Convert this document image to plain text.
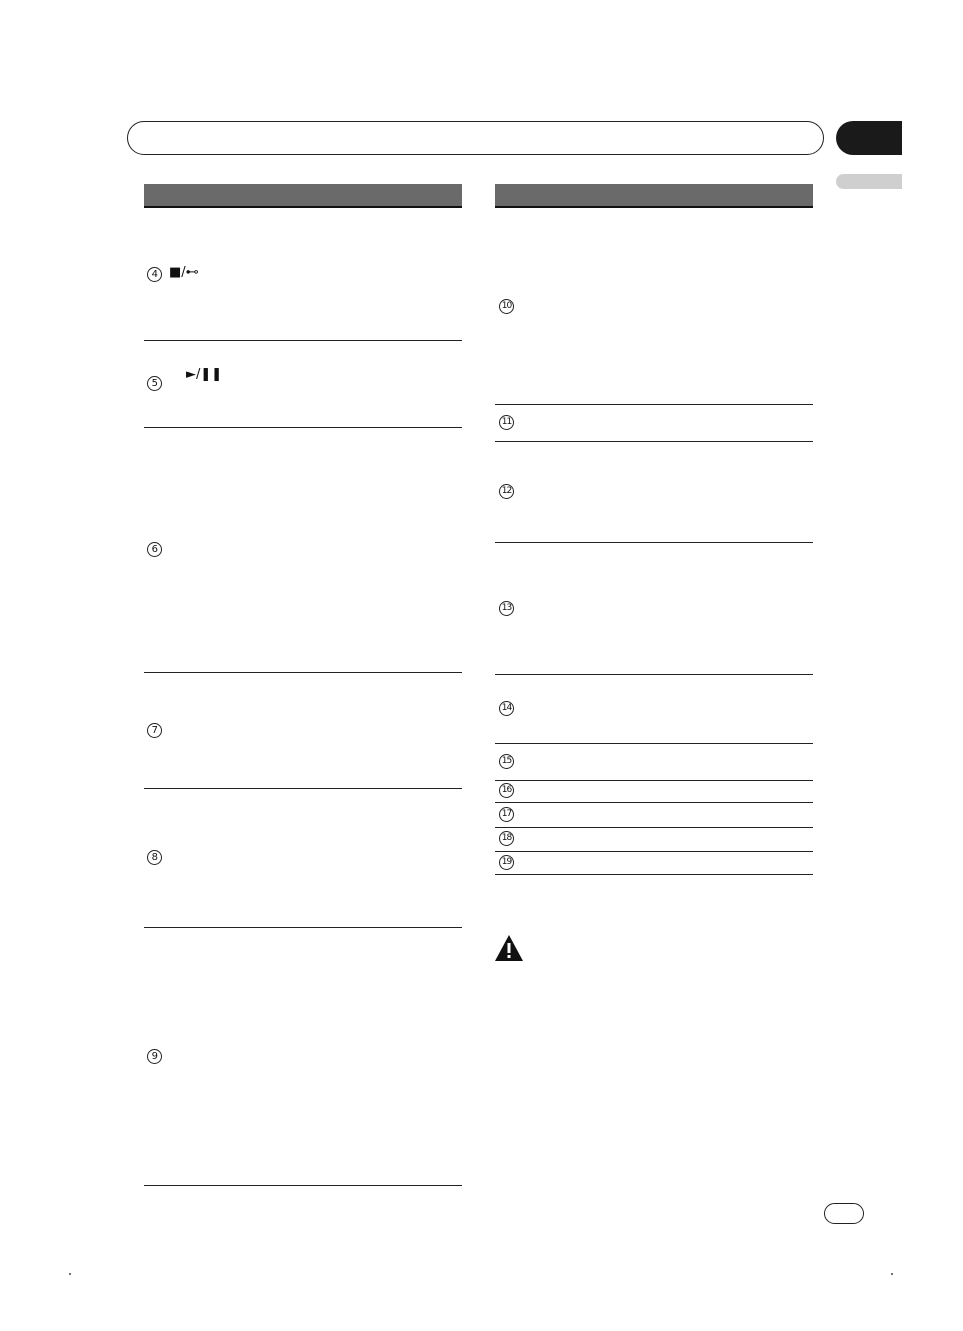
4 ■/⊷
5
►/❚❚
6
7
8
9
10
11
12
13
14
15
16
17
18
19
